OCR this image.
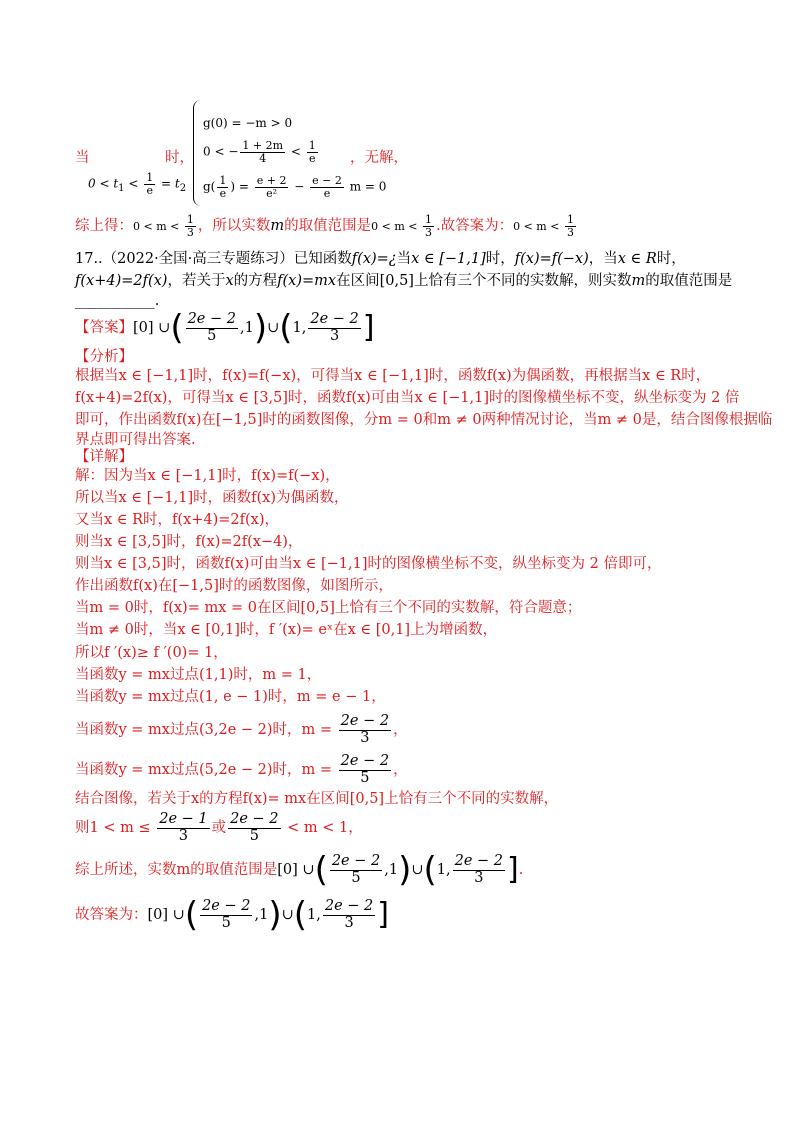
当	时，
$0 < t_1 < \frac{1}{e} = t_2$
g(0) = −m > 0
0 < − $\frac{1 + 2m}{4} < \frac{1}{e}$
$g( \frac{1}{e}$ ) = $\frac{e + 2}{\text{e²}} - \frac{e - 2}{e}$ m = 0
，无解，
综上得：$0 < m < \frac{1}{3}$ ，所以实数m的取值范围是$0 < m < \frac{1}{3}$ .故答案为：$0 < m < \frac{1}{3}$
17..（2022·全国·高三专题练习）已知函数f(x)=¿当x ∈ [−1,1]时，f(x)=f(−x)，当x ∈ R时，
f(x+4)=2f(x)，若关于x的方程f(x)=mx在区间[0,5]上恰有三个不同的实数解，则实数m的取值范围是
___________.
【答案】[0] ∪( $\frac{2e - 2}{5}$ ,1)∪(1, $\frac{2e - 2}{3}$ ]
【分析】
根据当x ∈ [−1,1]时，f(x)=f(−x)，可得当x ∈ [−1,1]时，函数f(x)为偶函数，再根据当x ∈ R时，
f(x+4)=2f(x)，可得当x ∈ [3,5]时，函数f(x)可由当x ∈ [−1,1]时的图像横坐标不变，纵坐标变为 2 倍
即可，作出函数f(x)在[−1,5]时的函数图像，分m = 0和m ≠ 0两种情况讨论，当m ≠ 0是，结合图像根据临
界点即可得出答案.
【详解】
解：因为当x ∈ [−1,1]时，f(x)=f(−x)，
所以当x ∈ [−1,1]时，函数f(x)为偶函数，
又当x ∈ R时，f(x+4)=2f(x)，
则当x ∈ [3,5]时，f(x)=2f(x−4)，
则当x ∈ [3,5]时，函数f(x)可由当x ∈ [−1,1]时的图像横坐标不变，纵坐标变为 2 倍即可，
作出函数f(x)在[−1,5]时的函数图像，如图所示，
当m = 0时，f(x)= mx = 0在区间[0,5]上恰有三个不同的实数解，符合题意；
当m ≠ 0时，当x ∈ [0,1]时，f ′(x)= eˣ在x ∈ [0,1]上为增函数，
所以f ′(x)≥ f ′(0)= 1，
当函数y = mx过点(1,1)时，m = 1，
当函数y = mx过点(1, e − 1)时，m = e − 1，
当函数y = mx过点(3,2e − 2)时，$m = \frac{2e - 2}{3}$ ，
当函数y = mx过点(5,2e − 2)时，$m = \frac{2e - 2}{5}$ ，
结合图像，若关于x的方程f(x)= mx在区间[0,5]上恰有三个不同的实数解，
则$1 < m \le \frac{2e - 1}{3}$ 或 $\frac{2e - 2}{5} < m < 1$，
综上所述，实数m的取值范围是[0] ∪( $\frac{2e - 2}{5}$ ,1)∪(1, $\frac{2e - 2}{3}$ ].
故答案为：[0] ∪( $\frac{2e - 2}{5}$ ,1)∪(1, $\frac{2e - 2}{3}$ ]
